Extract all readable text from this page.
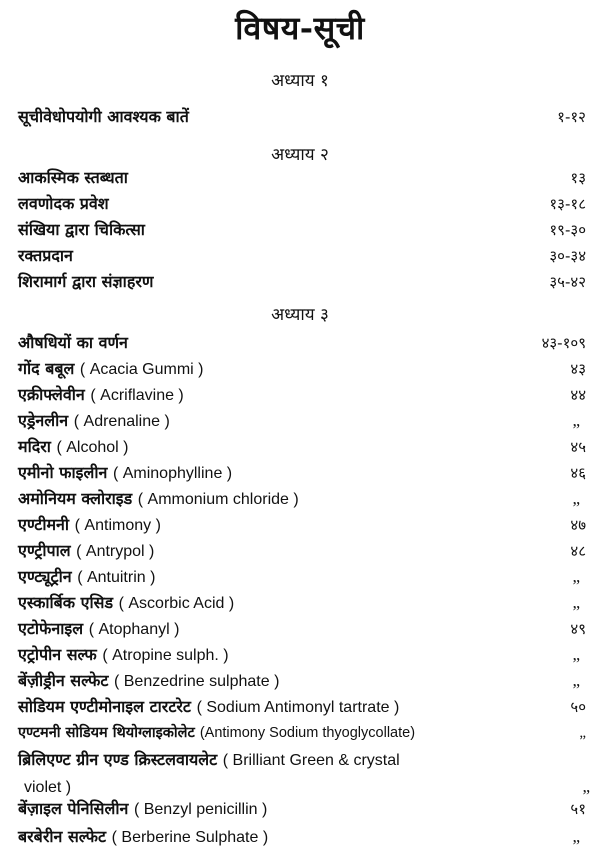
विषय-सूची
अध्याय १
सूचीवेधोपयोगी आवश्यक बातें	१-१२
अध्याय २
आकस्मिक स्तब्धता	१३
लवणोदक प्रवेश	१३-१८
संखिया द्वारा चिकित्सा	१९-३०
रक्तप्रदान	३०-३४
शिरामार्ग द्वारा संज्ञाहरण	३५-४२
अध्याय ३
औषधियों का वर्णन	४३-१०९
गोंद बबूल ( Acacia Gummi )	४३
एक्रीफ्लेवीन ( Acriflavine )	४४
एड्रेनलीन ( Adrenaline )	„
मदिरा ( Alcohol )	४५
एमीनो फाइलीन ( Aminophylline )	४६
अमोनियम क्लोराइड ( Ammonium chloride )	„
एण्टीमनी ( Antimony )	४७
एण्ट्रीपाल ( Antrypol )	४८
एण्ट्यूट्रीन ( Antuitrin )	„
एस्कार्बिक एसिड ( Ascorbic Acid )	„
एटोफेनाइल ( Atophanyl )	४९
एट्रोपीन सल्फ ( Atropine sulph. )	„
बेंज़ीड्रीन सल्फेट ( Benzedrine sulphate )	„
सोडियम एण्टीमोनाइल टारटरेट ( Sodium Antimonyl tartrate )	५०
एण्टमनी सोडियम थियोग्लाइकोलेट (Antimony Sodium thyoglycollate)	„
ब्रिलिएण्ट ग्रीन एण्ड क्रिस्टलवायलेट ( Brilliant Green & crystal
violet )	„
बेंज़ाइल पेनिसिलीन ( Benzyl penicillin )	५१
बरबेरीन सल्फेट ( Berberine Sulphate )	„
